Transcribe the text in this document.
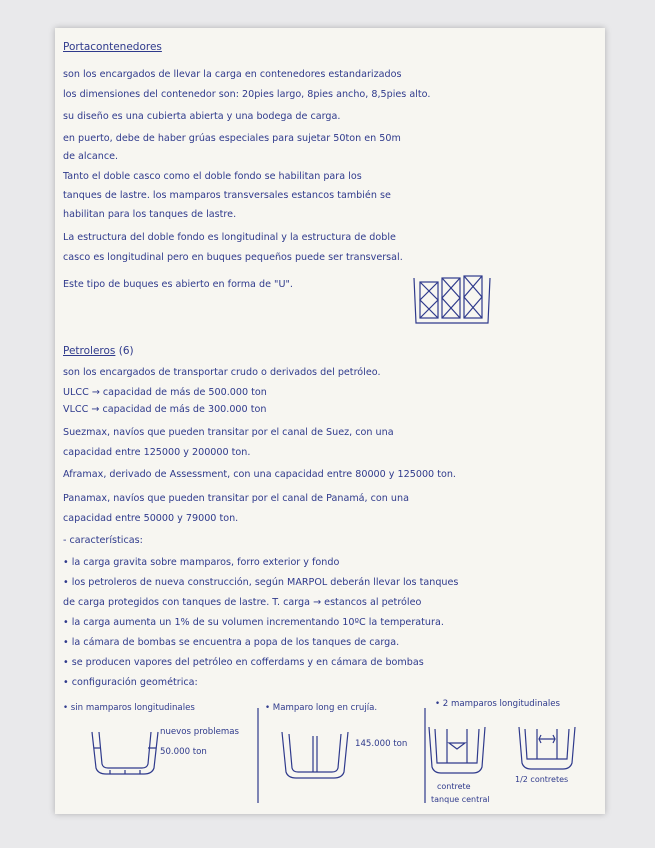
Portacontenedores
son los encargados de llevar la carga en contenedores estandarizados
los dimensiones del contenedor son: 20pies largo, 8pies ancho, 8,5pies alto.
su diseño es una cubierta abierta y una bodega de carga.
en puerto, debe de haber grúas especiales para sujetar 50ton en 50m
de alcance.
Tanto el doble casco como el doble fondo se habilitan para los
tanques de lastre. los mamparos transversales estancos también se
habilitan para los tanques de lastre.
La estructura del doble fondo es longitudinal y la estructura de doble
casco es longitudinal pero en buques pequeños puede ser transversal.
Este tipo de buques es abierto en forma de "U".
Petroleros (6)
son los encargados de transportar crudo o derivados del petróleo.
ULCC → capacidad de más de 500.000 ton
VLCC → capacidad de más de 300.000 ton
Suezmax, navíos que pueden transitar por el canal de Suez, con una
capacidad entre 125000 y 200000 ton.
Aframax, derivado de Assessment, con una capacidad entre 80000 y 125000 ton.
Panamax, navíos que pueden transitar por el canal de Panamá, con una
capacidad entre 50000 y 79000 ton.
- características:
• la carga gravita sobre mamparos, forro exterior y fondo
• los petroleros de nueva construcción, según MARPOL deberán llevar los tanques
de carga protegidos con tanques de lastre. T. carga → estancos al petróleo
• la carga aumenta un 1% de su volumen incrementando 10ºC la temperatura.
• la cámara de bombas se encuentra a popa de los tanques de carga.
• se producen vapores del petróleo en cofferdams y en cámara de bombas
• configuración geométrica:
• sin mamparos longitudinales	• Mamparo long en crujía.	• 2 mamparos longitudinales
nuevos problemas
50.000 ton
145.000 ton
contrete
tanque central
1/2 contretes
